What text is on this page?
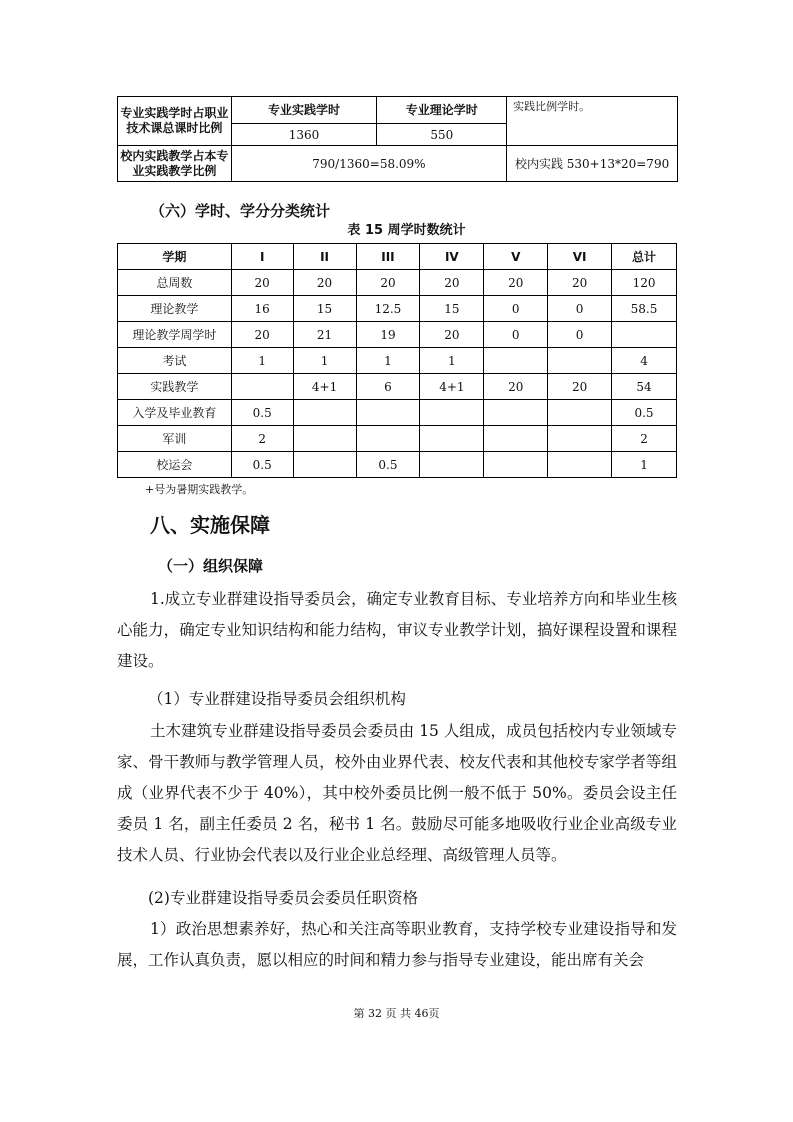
专业实践学时占职业技术课总课时比例	专业实践学时	专业理论学时	实践比例学时。
	1360	550	
校内实践教学占本专业实践教学比例	790/1360=58.09%		校内实践 530+13*20=790
（六）学时、学分分类统计
表 15 周学时数统计
学期	I	II	III	IV	V	VI	总计
总周数	20	20	20	20	20	20	120
理论教学	16	15	12.5	15	0	0	58.5
理论教学周学时	20	21	19	20	0	0	
考试	1	1	1	1			4
实践教学		4+1	6	4+1	20	20	54
入学及毕业教育	0.5						0.5
军训	2						2
校运会	0.5		0.5				1
+号为暑期实践教学。
八、实施保障
（一）组织保障
1.成立专业群建设指导委员会，确定专业教育目标、专业培养方向和毕业生核心能力，确定专业知识结构和能力结构，审议专业教学计划，搞好课程设置和课程建设。
（1）专业群建设指导委员会组织机构
土木建筑专业群建设指导委员会委员由 15 人组成，成员包括校内专业领域专家、骨干教师与教学管理人员，校外由业界代表、校友代表和其他校专家学者等组成（业界代表不少于 40%），其中校外委员比例一般不低于 50%。委员会设主任委员 1 名，副主任委员 2 名，秘书 1 名。鼓励尽可能多地吸收行业企业高级专业技术人员、行业协会代表以及行业企业总经理、高级管理人员等。
(2)专业群建设指导委员会委员任职资格
1）政治思想素养好，热心和关注高等职业教育，支持学校专业建设指导和发展，工作认真负责，愿以相应的时间和精力参与指导专业建设，能出席有关会
第 32 页 共 46页
